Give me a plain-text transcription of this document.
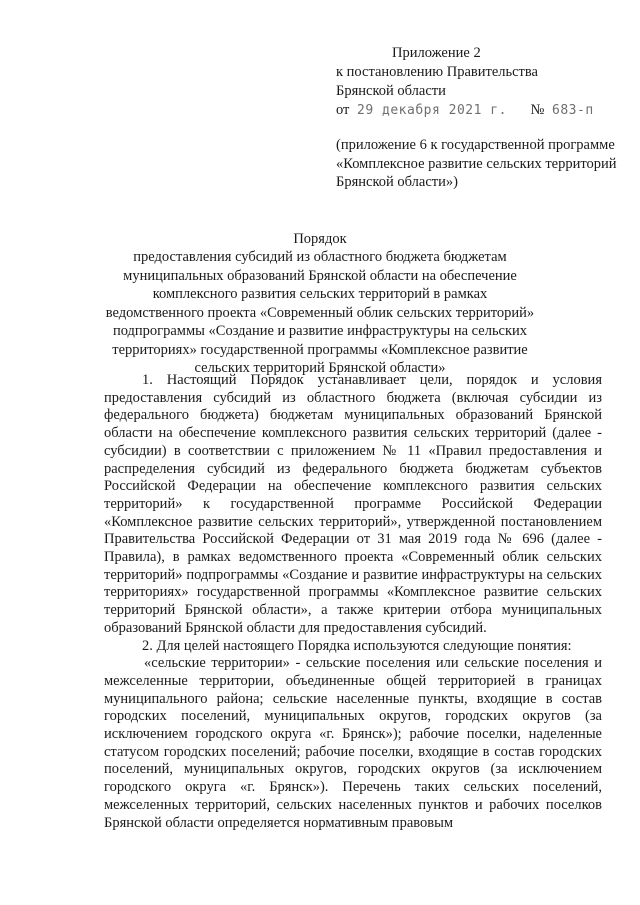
Приложение 2
к постановлению Правительства
Брянской области
от 29 декабря 2021 г. № 683-п
(приложение 6 к государственной программе «Комплексное развитие сельских территорий Брянской области»)
Порядок
предоставления субсидий из областного бюджета бюджетам муниципальных образований Брянской области на обеспечение комплексного развития сельских территорий в рамках ведомственного проекта «Современный облик сельских территорий» подпрограммы «Создание и развитие инфраструктуры на сельских территориях» государственной программы «Комплексное развитие сельских территорий Брянской области»

1. Настоящий Порядок устанавливает цели, порядок и условия предоставления субсидий из областного бюджета (включая субсидии из федерального бюджета) бюджетам муниципальных образований Брянской области на обеспечение комплексного развития сельских территорий (далее - субсидии) в соответствии с приложением № 11 «Правил предоставления и распределения субсидий из федерального бюджета бюджетам субъектов Российской Федерации на обеспечение комплексного развития сельских территорий» к государственной программе Российской Федерации «Комплексное развитие сельских территорий», утвержденной постановлением Правительства Российской Федерации от 31 мая 2019 года № 696 (далее - Правила), в рамках ведомственного проекта «Современный облик сельских территорий» подпрограммы «Создание и развитие инфраструктуры на сельских территориях» государственной программы «Комплексное развитие сельских территорий Брянской области», а также критерии отбора муниципальных образований Брянской области для предоставления субсидий.

2. Для целей настоящего Порядка используются следующие понятия:

«сельские территории» - сельские поселения или сельские поселения и межселенные территории, объединенные общей территорией в границах муниципального района; сельские населенные пункты, входящие в состав городских поселений, муниципальных округов, городских округов (за исключением городского округа «г. Брянск»); рабочие поселки, наделенные статусом городских поселений; рабочие поселки, входящие в состав городских поселений, муниципальных округов, городских округов (за исключением городского округа «г. Брянск»). Перечень таких сельских поселений, межселенных территорий, сельских населенных пунктов и рабочих поселков Брянской области определяется нормативным правовым
